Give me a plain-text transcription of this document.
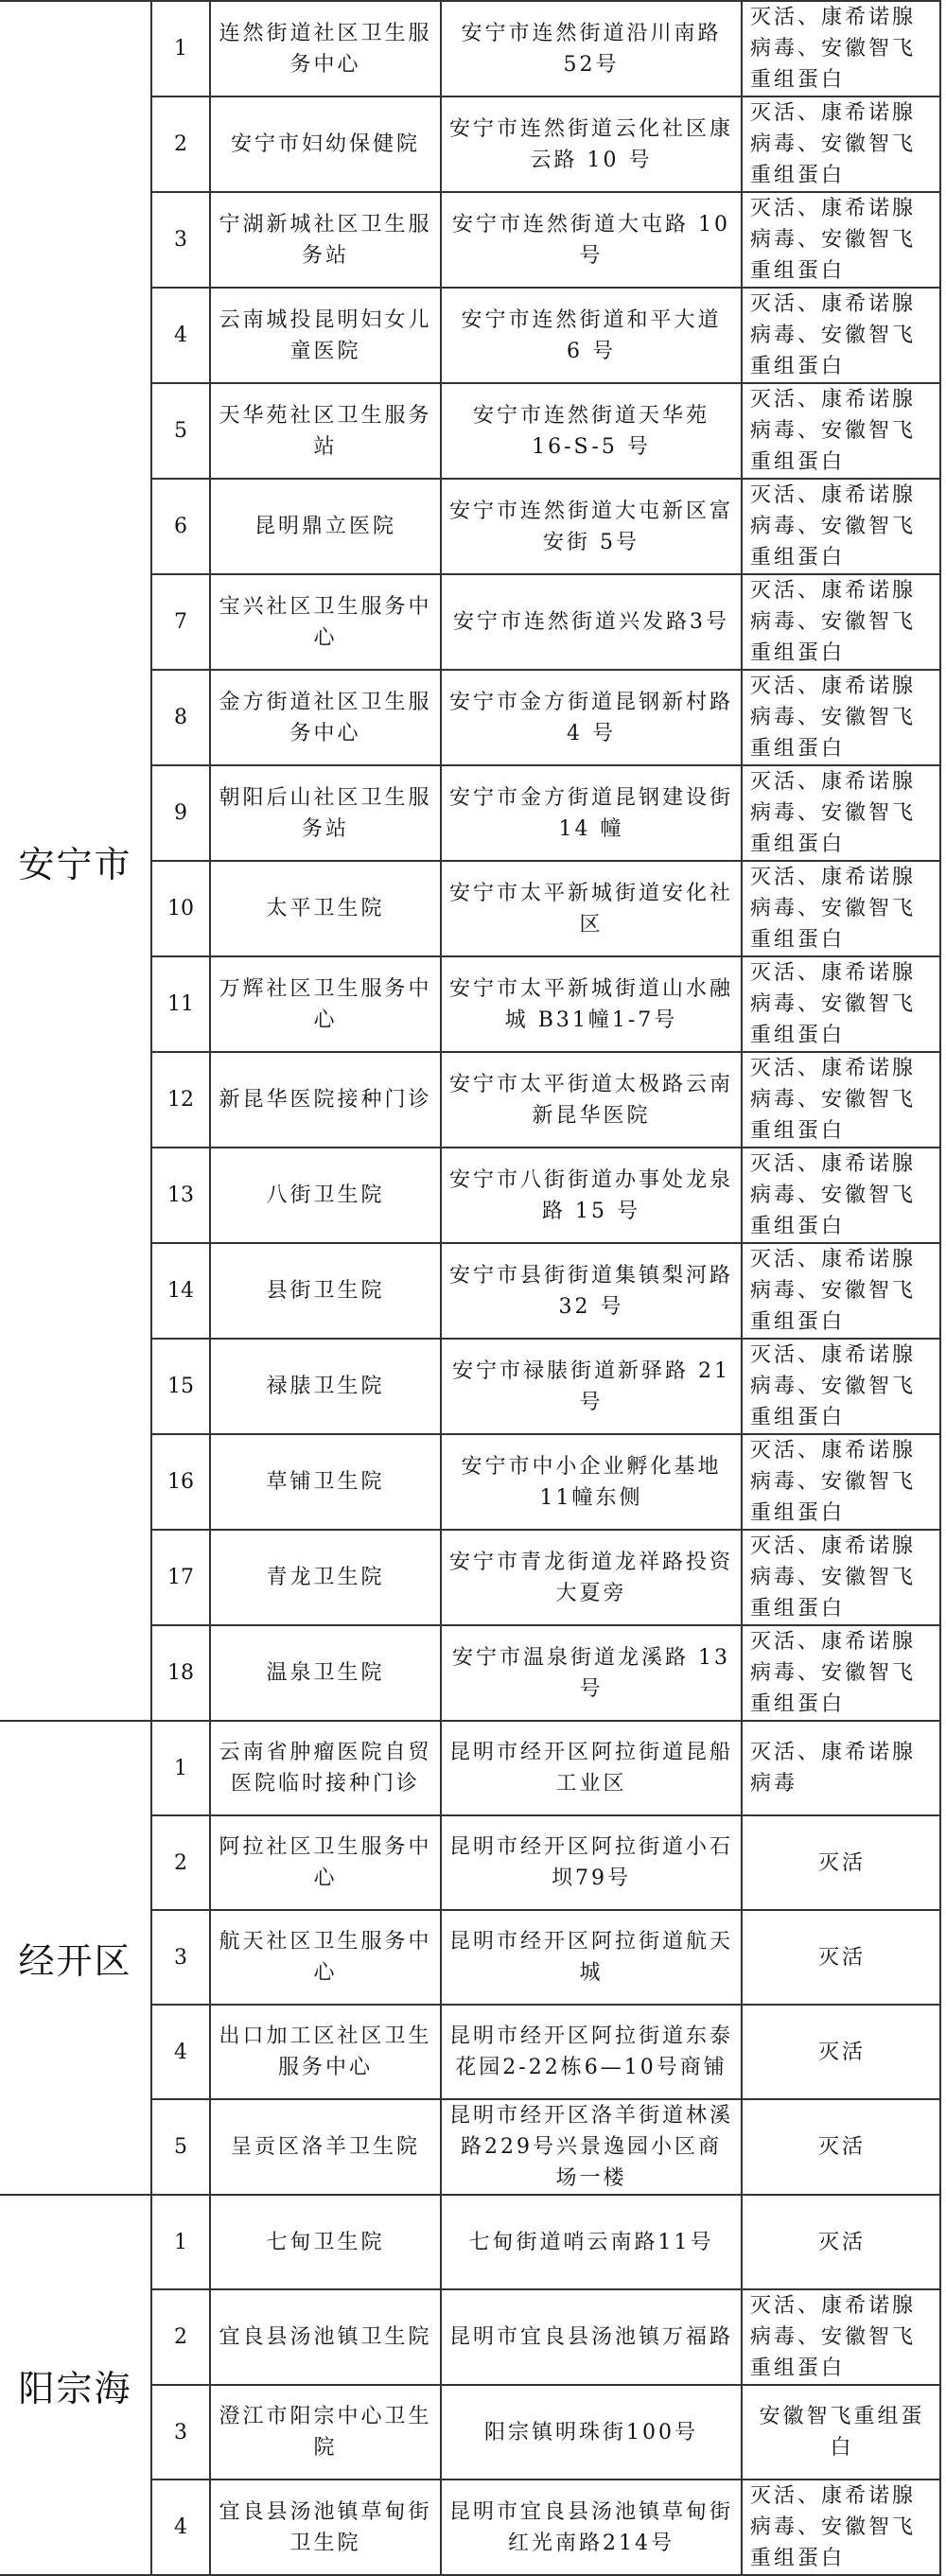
安宁市	1	连然街道社区卫生服务中心	安宁市连然街道沿川南路52号	灭活、康希诺腺病毒、安徽智飞重组蛋白	
	2	安宁市妇幼保健院	安宁市连然街道云化社区康云路 10 号	灭活、康希诺腺病毒、安徽智飞重组蛋白	
	3	宁湖新城社区卫生服务站	安宁市连然街道大屯路 10 号	灭活、康希诺腺病毒、安徽智飞重组蛋白	
	4	云南城投昆明妇女儿童医院	安宁市连然街道和平大道 6 号	灭活、康希诺腺病毒、安徽智飞重组蛋白	
	5	天华苑社区卫生服务站	安宁市连然街道天华苑 16-S-5 号	灭活、康希诺腺病毒、安徽智飞重组蛋白	
	6	昆明鼎立医院	安宁市连然街道大屯新区富安街 5号	灭活、康希诺腺病毒、安徽智飞重组蛋白	
	7	宝兴社区卫生服务中心	安宁市连然街道兴发路3号	灭活、康希诺腺病毒、安徽智飞重组蛋白	
	8	金方街道社区卫生服务中心	安宁市金方街道昆钢新村路 4 号	灭活、康希诺腺病毒、安徽智飞重组蛋白	
	9	朝阳后山社区卫生服务站	安宁市金方街道昆钢建设街 14 幢	灭活、康希诺腺病毒、安徽智飞重组蛋白	
	10	太平卫生院	安宁市太平新城街道安化社区	灭活、康希诺腺病毒、安徽智飞重组蛋白	
	11	万辉社区卫生服务中心	安宁市太平新城街道山水融城 B31幢1-7号	灭活、康希诺腺病毒、安徽智飞重组蛋白	
	12	新昆华医院接种门诊	安宁市太平街道太极路云南新昆华医院	灭活、康希诺腺病毒、安徽智飞重组蛋白	
	13	八街卫生院	安宁市八街街道办事处龙泉路 15 号	灭活、康希诺腺病毒、安徽智飞重组蛋白	
	14	县街卫生院	安宁市县街街道集镇梨河路 32 号	灭活、康希诺腺病毒、安徽智飞重组蛋白	
	15	禄脿卫生院	安宁市禄脿街道新驿路 21 号	灭活、康希诺腺病毒、安徽智飞重组蛋白	
	16	草铺卫生院	安宁市中小企业孵化基地11幢东侧	灭活、康希诺腺病毒、安徽智飞重组蛋白	
	17	青龙卫生院	安宁市青龙街道龙祥路投资大夏旁	灭活、康希诺腺病毒、安徽智飞重组蛋白	
	18	温泉卫生院	安宁市温泉街道龙溪路 13 号	灭活、康希诺腺病毒、安徽智飞重组蛋白	
经开区	1	云南省肿瘤医院自贸医院临时接种门诊	昆明市经开区阿拉街道昆船工业区	灭活、康希诺腺病毒	
	2	阿拉社区卫生服务中心	昆明市经开区阿拉街道小石坝79号	灭活	
	3	航天社区卫生服务中心	昆明市经开区阿拉街道航天城	灭活	
	4	出口加工区社区卫生服务中心	昆明市经开区阿拉街道东泰花园2-22栋6—10号商铺	灭活	
	5	呈贡区洛羊卫生院	昆明市经开区洛羊街道林溪路229号兴景逸园小区商场一楼	灭活	
阳宗海	1	七甸卫生院	七甸街道哨云南路11号	灭活	
	2	宜良县汤池镇卫生院	昆明市宜良县汤池镇万福路	灭活、康希诺腺病毒、安徽智飞重组蛋白	
	3	澄江市阳宗中心卫生院	阳宗镇明珠街100号	安徽智飞重组蛋白	
	4	宜良县汤池镇草甸街卫生院	昆明市宜良县汤池镇草甸街红光南路214号	灭活、康希诺腺病毒、安徽智飞重组蛋白	
